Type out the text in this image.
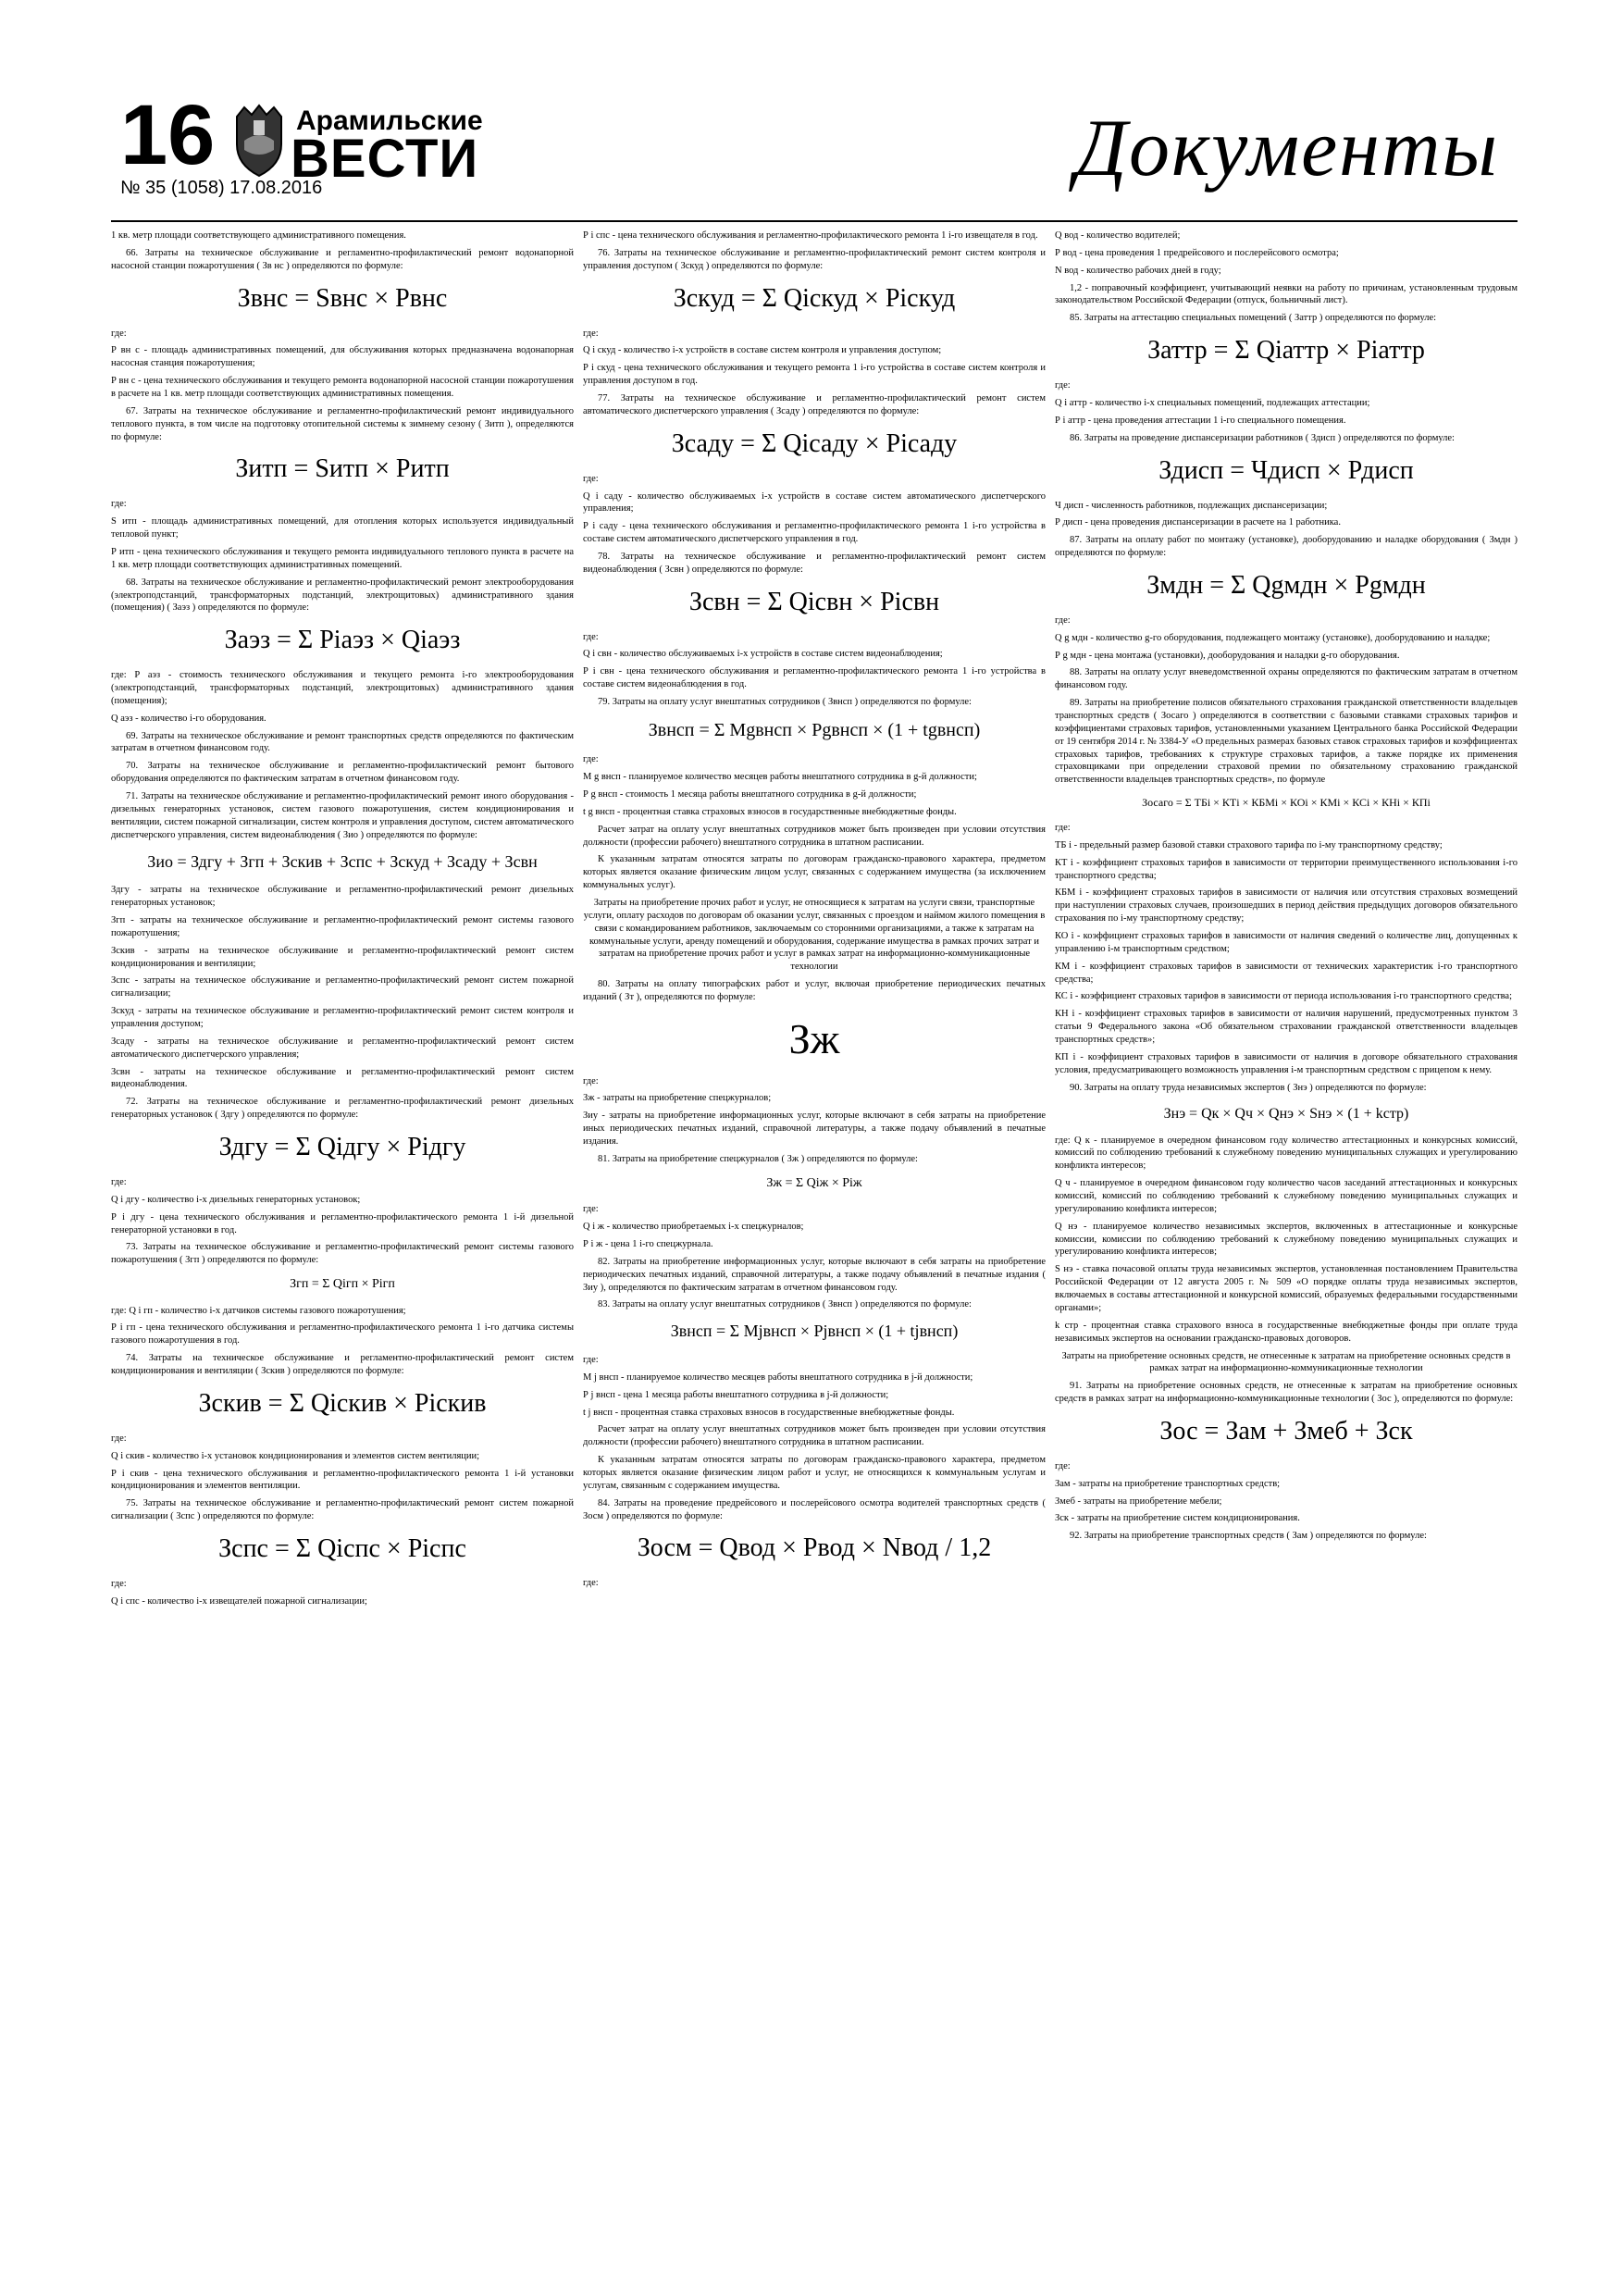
16	Арамильские
ВЕСТИ
№ 35 (1058) 17.08.2016	Документы

1 кв. метр площади соответствующего административного помещения.

66. Затраты на техническое обслуживание и регламентно-профилактический ремонт водонапорной насосной станции пожаротушения ( Зв нс ) определяются по формуле:

Звнс = Sвнс × Рвнс

где:

Р вн с - площадь административных помещений, для обслуживания которых предназначена водонапорная насосная станция пожаротушения;

Р вн с - цена технического обслуживания и текущего ремонта водонапорной насосной станции пожаротушения в расчете на 1 кв. метр площади соответствующих административных помещения.

67. Затраты на техническое обслуживание и регламентно-профилактический ремонт индивидуального теплового пункта, в том числе на подготовку отопительной системы к зимнему сезону ( Зитп ), определяются по формуле:

Зитп = Sитп × Ритп

где:

S итп - площадь административных помещений, для отопления которых используется индивидуальный тепловой пункт;

Р итп - цена технического обслуживания и текущего ремонта индивидуального теплового пункта в расчете на 1 кв. метр площади соответствующих административных помещений.

68. Затраты на техническое обслуживание и регламентно-профилактический ремонт электрооборудования (электроподстанций, трансформаторных подстанций, электрощитовых) административного здания (помещения) ( Заэз ) определяются по формуле:

Заэз = Σ Рiаэз × Qiаэз

где: Р аэз - стоимость технического обслуживания и текущего ремонта i-го электрооборудования (электроподстанций, трансформаторных подстанций, электрощитовых) административного здания (помещения);

Q аэз - количество i-го оборудования.

69. Затраты на техническое обслуживание и ремонт транспортных средств определяются по фактическим затратам в отчетном финансовом году.

70. Затраты на техническое обслуживание и регламентно-профилактический ремонт бытового оборудования определяются по фактическим затратам в отчетном финансовом году.

71. Затраты на техническое обслуживание и регламентно-профилактический ремонт иного оборудования - дизельных генераторных установок, систем газового пожаротушения, систем кондиционирования и вентиляции, систем пожарной сигнализации, систем контроля и управления доступом, систем автоматического диспетчерского управления, систем видеонаблюдения ( Зио ) определяются по формуле:

Зио = Здгу + Згп + Зскив + Зспс + Зскуд + Зсаду + Зсвн

Здгу - затраты на техническое обслуживание и регламентно-профилактический ремонт дизельных генераторных установок;

Згп - затраты на техническое обслуживание и регламентно-профилактический ремонт системы газового пожаротушения;

Зскив - затраты на техническое обслуживание и регламентно-профилактический ремонт систем кондиционирования и вентиляции;

Зспс - затраты на техническое обслуживание и регламентно-профилактический ремонт систем пожарной сигнализации;

Зскуд - затраты на техническое обслуживание и регламентно-профилактический ремонт систем контроля и управления доступом;

Зсаду - затраты на техническое обслуживание и регламентно-профилактический ремонт систем автоматического диспетчерского управления;

Зсвн - затраты на техническое обслуживание и регламентно-профилактический ремонт систем видеонаблюдения.

72. Затраты на техническое обслуживание и регламентно-профилактический ремонт дизельных генераторных установок ( Здгу ) определяются по формуле:

Здгу = Σ Qiдгу × Рiдгу

где:

Q i дгу - количество i-х дизельных генераторных установок;

Р i дгу - цена технического обслуживания и регламентно-профилактического ремонта 1 i-й дизельной генераторной установки в год.

73. Затраты на техническое обслуживание и регламентно-профилактический ремонт системы газового пожаротушения ( Згп ) определяются по формуле:

Згп = Σ Qiгп × Рiгп

где: Q i гп - количество i-х датчиков системы газового пожаротушения;

Р i гп - цена технического обслуживания и регламентно-профилактического ремонта 1 i-го датчика системы газового пожаротушения в год.

74. Затраты на техническое обслуживание и регламентно-профилактический ремонт систем кондиционирования и вентиляции ( Зскив ) определяются по формуле:

Зскив = Σ Qiскив × Рiскив

где:

Q i скив - количество i-х установок кондиционирования и элементов систем вентиляции;

Р i скив - цена технического обслуживания и регламентно-профилактического ремонта 1 i-й установки кондиционирования и элементов вентиляции.

75. Затраты на техническое обслуживание и регламентно-профилактический ремонт систем пожарной сигнализации ( Зспс ) определяются по формуле:

Зспс = Σ Qiспс × Рiспс

где:

Q i спс - количество i-х извещателей пожарной сигнализации;

Р i спс - цена технического обслуживания и регламентно-профилактического ремонта 1 i-го извещателя в год.

76. Затраты на техническое обслуживание и регламентно-профилактический ремонт систем контроля и управления доступом ( Зскуд ) определяются по формуле:

Зскуд = Σ Qiскуд × Рiскуд

где:

Q i скуд - количество i-х устройств в составе систем контроля и управления доступом;

Р i скуд - цена технического обслуживания и текущего ремонта 1 i-го устройства в составе систем контроля и управления доступом в год.

77. Затраты на техническое обслуживание и регламентно-профилактический ремонт систем автоматического диспетчерского управления ( Зсаду ) определяются по формуле:

Зсаду = Σ Qiсаду × Рiсаду

где:

Q i саду - количество обслуживаемых i-х устройств в составе систем автоматического диспетчерского управления;

Р i саду - цена технического обслуживания и регламентно-профилактического ремонта 1 i-го устройства в составе систем автоматического диспетчерского управления в год.

78. Затраты на техническое обслуживание и регламентно-профилактический ремонт систем видеонаблюдения ( Зсвн ) определяются по формуле:

Зсвн = Σ Qiсвн × Рiсвн

где:

Q i свн - количество обслуживаемых i-х устройств в составе систем видеонаблюдения;

Р i свн - цена технического обслуживания и регламентно-профилактического ремонта 1 i-го устройства в составе систем видеонаблюдения в год.

79. Затраты на оплату услуг внештатных сотрудников ( Звнсп ) определяются по формуле:

Звнсп = Σ Мgвнсп × Рgвнсп × (1 + tgвнсп)

где:

М g внсп - планируемое количество месяцев работы внештатного сотрудника в g-й должности;

Р g внсп - стоимость 1 месяца работы внештатного сотрудника в g-й должности;

t g внсп - процентная ставка страховых взносов в государственные внебюджетные фонды.

Расчет затрат на оплату услуг внештатных сотрудников может быть произведен при условии отсутствия должности (профессии рабочего) внештатного сотрудника в штатном расписании.

К указанным затратам относятся затраты по договорам гражданско-правового характера, предметом которых является оказание физическим лицом услуг, связанных с содержанием имущества (за исключением коммунальных услуг).

Затраты на приобретение прочих работ и услуг, не относящиеся к затратам на услуги связи, транспортные услуги, оплату расходов по договорам об оказании услуг, связанных с проездом и наймом жилого помещения в связи с командированием работников, заключаемым со сторонними организациями, а также к затратам на коммунальные услуги, аренду помещений и оборудования, содержание имущества в рамках прочих затрат и затратам на приобретение прочих работ и услуг в рамках затрат на информационно-коммуникационные технологии

80. Затраты на оплату типографских работ и услуг, включая приобретение периодических печатных изданий ( Зт ), определяются по формуле:

Зж

где:

Зж - затраты на приобретение спецжурналов;

Зиу - затраты на приобретение информационных услуг, которые включают в себя затраты на приобретение иных периодических печатных изданий, справочной литературы, а также подачу объявлений в печатные издания.

81. Затраты на приобретение спецжурналов ( Зж ) определяются по формуле:

Зж = Σ Qiж × Рiж

где:

Q i ж - количество приобретаемых i-х спецжурналов;

Р i ж - цена 1 i-го спецжурнала.

82. Затраты на приобретение информационных услуг, которые включают в себя затраты на приобретение периодических печатных изданий, справочной литературы, а также подачу объявлений в печатные издания ( Зиу ), определяются по фактическим затратам в отчетном финансовом году.

83. Затраты на оплату услуг внештатных сотрудников ( Звнсп ) определяются по формуле:

Звнсп = Σ Мjвнсп × Рjвнсп × (1 + tjвнсп)

где:

М j внсп - планируемое количество месяцев работы внештатного сотрудника в j-й должности;

Р j внсп - цена 1 месяца работы внештатного сотрудника в j-й должности;

t j внсп - процентная ставка страховых взносов в государственные внебюджетные фонды.

Расчет затрат на оплату услуг внештатных сотрудников может быть произведен при условии отсутствия должности (профессии рабочего) внештатного сотрудника в штатном расписании.

К указанным затратам относятся затраты по договорам гражданско-правового характера, предметом которых является оказание физическим лицом работ и услуг, не относящихся к коммунальным услугам и услугам, связанным с содержанием имущества.

84. Затраты на проведение предрейсового и послерейсового осмотра водителей транспортных средств ( Зосм ) определяются по формуле:

Зосм = Qвод × Рвод × Nвод / 1,2

где:

Q вод - количество водителей;

Р вод - цена проведения 1 предрейсового и послерейсового осмотра;

N вод - количество рабочих дней в году;

1,2 - поправочный коэффициент, учитывающий неявки на работу по причинам, установленным трудовым законодательством Российской Федерации (отпуск, больничный лист).

85. Затраты на аттестацию специальных помещений ( Заттр ) определяются по формуле:

Заттр = Σ Qiаттр × Рiаттр

где:

Q i аттр - количество i-х специальных помещений, подлежащих аттестации;

Р i аттр - цена проведения аттестации 1 i-го специального помещения.

86. Затраты на проведение диспансеризации работников ( Здисп ) определяются по формуле:

Здисп = Чдисп × Рдисп

Ч дисп - численность работников, подлежащих диспансеризации;

Р дисп - цена проведения диспансеризации в расчете на 1 работника.

87. Затраты на оплату работ по монтажу (установке), дооборудованию и наладке оборудования ( Змдн ) определяются по формуле:

Змдн = Σ Qgмдн × Рgмдн

где:

Q g мдн - количество g-го оборудования, подлежащего монтажу (установке), дооборудованию и наладке;

Р g мдн - цена монтажа (установки), дооборудования и наладки g-го оборудования.

88. Затраты на оплату услуг вневедомственной охраны определяются по фактическим затратам в отчетном финансовом году.

89. Затраты на приобретение полисов обязательного страхования гражданской ответственности владельцев транспортных средств ( Зосаго ) определяются в соответствии с базовыми ставками страховых тарифов и коэффициентами страховых тарифов, установленными указанием Центрального банка Российской Федерации от 19 сентября 2014 г. № 3384-У «О предельных размерах базовых ставок страховых тарифов и коэффициентах страховых тарифов, требованиях к структуре страховых тарифов, а также порядке их применения страховщиками при определении страховой премии по обязательному страхованию гражданской ответственности владельцев транспортных средств», по формуле

Зосаго = Σ ТБi × КТi × КБМi × КОi × КМi × КСi × КНi × КПi

где:

ТБ i - предельный размер базовой ставки страхового тарифа по i-му транспортному средству;

КТ i - коэффициент страховых тарифов в зависимости от территории преимущественного использования i-го транспортного средства;

КБМ i - коэффициент страховых тарифов в зависимости от наличия или отсутствия страховых возмещений при наступлении страховых случаев, произошедших в период действия предыдущих договоров обязательного страхования по i-му транспортному средству;

КО i - коэффициент страховых тарифов в зависимости от наличия сведений о количестве лиц, допущенных к управлению i-м транспортным средством;

КМ i - коэффициент страховых тарифов в зависимости от технических характеристик i-го транспортного средства;

КС i - коэффициент страховых тарифов в зависимости от периода использования i-го транспортного средства;

КН i - коэффициент страховых тарифов в зависимости от наличия нарушений, предусмотренных пунктом 3 статьи 9 Федерального закона «Об обязательном страховании гражданской ответственности владельцев транспортных средств»;

КП i - коэффициент страховых тарифов в зависимости от наличия в договоре обязательного страхования условия, предусматривающего возможность управления i-м транспортным средством с прицепом к нему.

90. Затраты на оплату труда независимых экспертов ( Знэ ) определяются по формуле:

Знэ = Qк × Qч × Qнэ × Sнэ × (1 + kстр)

где: Q к - планируемое в очередном финансовом году количество аттестационных и конкурсных комиссий, комиссий по соблюдению требований к служебному поведению муниципальных служащих и урегулированию конфликта интересов;

Q ч - планируемое в очередном финансовом году количество часов заседаний аттестационных и конкурсных комиссий, комиссий по соблюдению требований к служебному поведению муниципальных служащих и урегулированию конфликта интересов;

Q нэ - планируемое количество независимых экспертов, включенных в аттестационные и конкурсные комиссии, комиссии по соблюдению требований к служебному поведению муниципальных служащих и урегулированию конфликта интересов;

S нэ - ставка почасовой оплаты труда независимых экспертов, установленная постановлением Правительства Российской Федерации от 12 августа 2005 г. № 509 «О порядке оплаты труда независимых экспертов, включаемых в составы аттестационной и конкурсной комиссий, образуемых федеральными государственными органами»;

k стр - процентная ставка страхового взноса в государственные внебюджетные фонды при оплате труда независимых экспертов на основании гражданско-правовых договоров.

Затраты на приобретение основных средств, не отнесенные к затратам на приобретение основных средств в рамках затрат на информационно-коммуникационные технологии

91. Затраты на приобретение основных средств, не отнесенные к затратам на приобретение основных средств в рамках затрат на информационно-коммуникационные технологии ( Зос ), определяются по формуле:

Зос = Зам + Змеб + Зск

где:

Зам - затраты на приобретение транспортных средств;

Змеб - затраты на приобретение мебели;

Зск - затраты на приобретение систем кондиционирования.

92. Затраты на приобретение транспортных средств ( Зам ) определяются по формуле:
